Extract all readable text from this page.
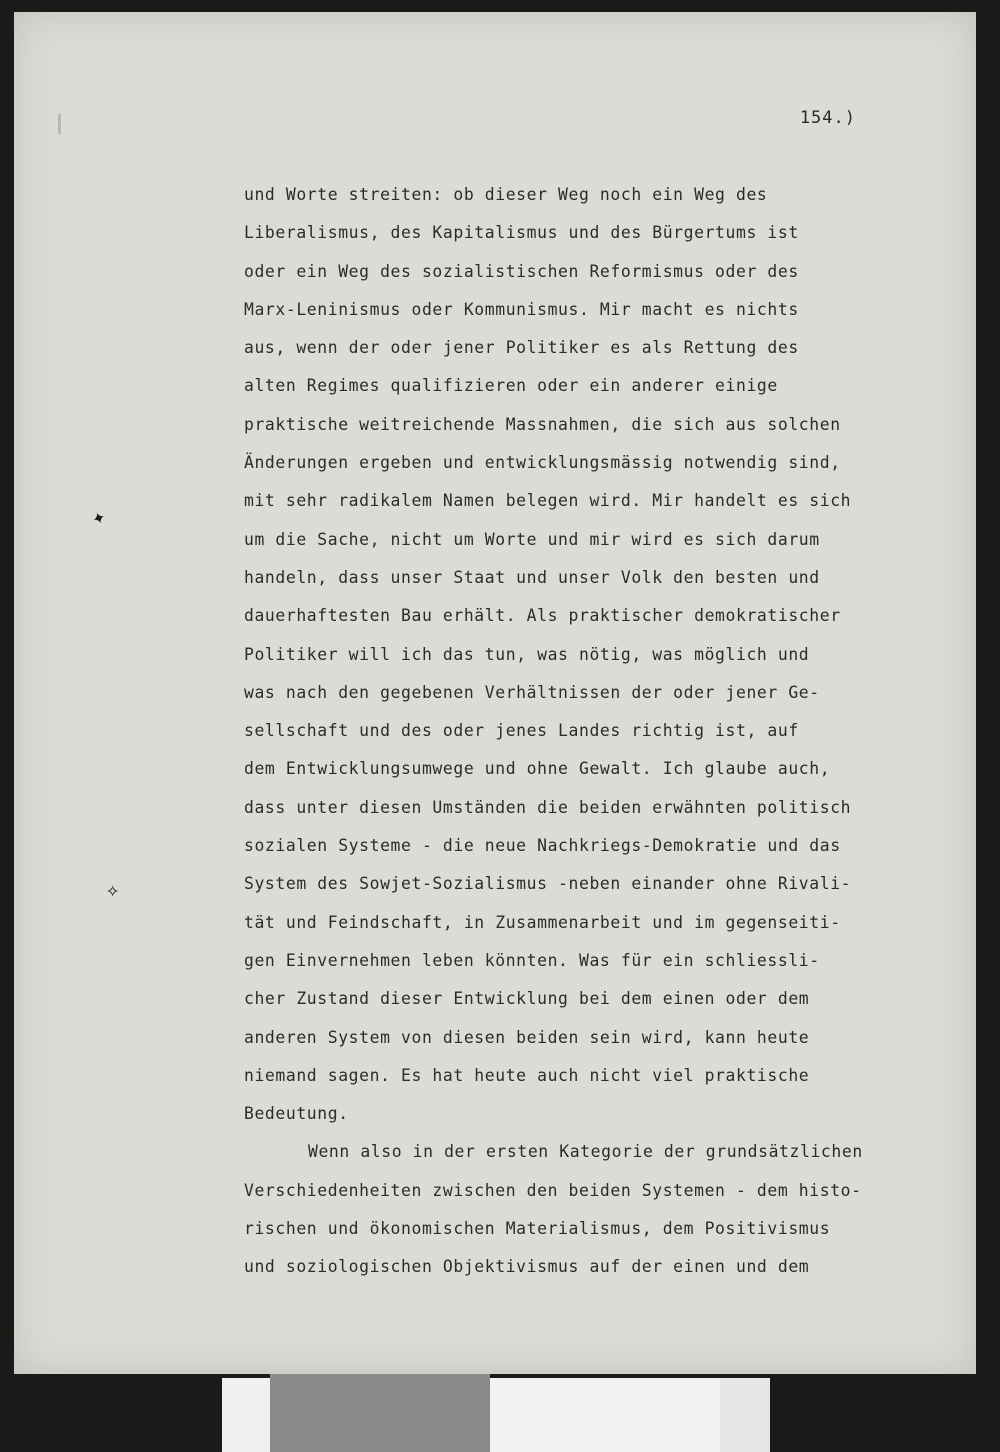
154.)
und Worte streiten: ob dieser Weg noch ein Weg des
Liberalismus, des Kapitalismus und des Bürgertums ist
oder ein Weg des sozialistischen Reformismus oder des
Marx-Leninismus oder Kommunismus. Mir macht es nichts
aus, wenn der oder jener Politiker es als Rettung des
alten Regimes qualifizieren oder ein anderer einige
praktische weitreichende Massnahmen, die sich aus solchen
Änderungen ergeben und entwicklungsmässig notwendig sind,
mit sehr radikalem Namen belegen wird. Mir handelt es sich
um die Sache, nicht um Worte und mir wird es sich darum
handeln, dass unser Staat und unser Volk den besten und
dauerhaftesten Bau erhält. Als praktischer demokratischer
Politiker will ich das tun, was nötig, was möglich und
was nach den gegebenen Verhältnissen der oder jener Ge-
sellschaft und des oder jenes Landes richtig ist, auf
dem Entwicklungsumwege und ohne Gewalt. Ich glaube auch,
dass unter diesen Umständen die beiden erwähnten politisch
sozialen Systeme - die neue Nachkriegs-Demokratie und das
System des Sowjet-Sozialismus -neben einander ohne Rivali-
tät und Feindschaft, in Zusammenarbeit und im gegenseiti-
gen Einvernehmen leben könnten. Was für ein schliessli-
cher Zustand dieser Entwicklung bei dem einen oder dem
anderen System von diesen beiden sein wird, kann heute
niemand sagen. Es hat heute auch nicht viel praktische
Bedeutung.
Wenn also in der ersten Kategorie der grundsätzlichen
Verschiedenheiten zwischen den beiden Systemen - dem histo-
rischen und ökonomischen Materialismus, dem Positivismus
und soziologischen Objektivismus auf der einen und dem
✦
✧
